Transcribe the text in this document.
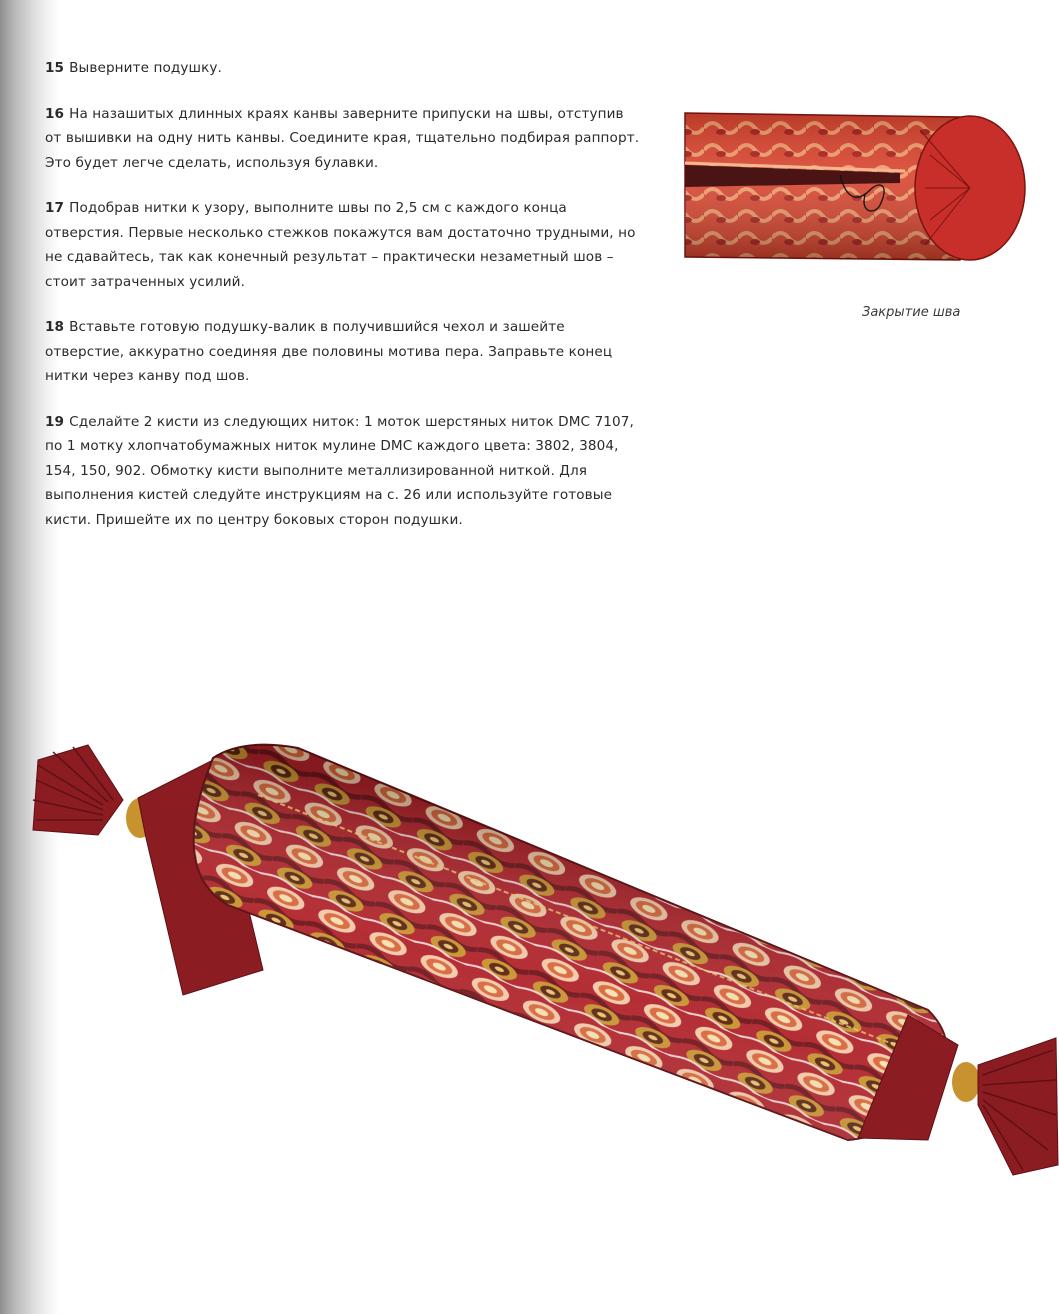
15 Выверните подушку.

16 На назашитых длинных краях канвы заверните припуски на швы, отступив от вышивки на одну нить канвы. Соедините края, тщательно подбирая раппорт. Это будет легче сделать, используя булавки.

17 Подобрав нитки к узору, выполните швы по 2,5 см с каждого конца отверстия. Первые несколько стежков покажутся вам достаточно трудными, но не сдавайтесь, так как конечный результат – практически незаметный шов – стоит затраченных усилий.

18 Вставьте готовую подушку-валик в получившийся чехол и зашейте отверстие, аккуратно соединяя две половины мотива пера. Заправьте конец нитки через канву под шов.

19 Сделайте 2 кисти из следующих ниток: 1 моток шерстяных ниток DMC 7107, по 1 мотку хлопчатобумажных ниток мулине DMC каждого цвета: 3802, 3804, 154, 150, 902. Обмотку кисти выполните металлизированной ниткой. Для выполнения кистей следуйте инструкциям на с. 26 или используйте готовые кисти. Пришейте их по центру боковых сторон подушки.

Закрытие шва
